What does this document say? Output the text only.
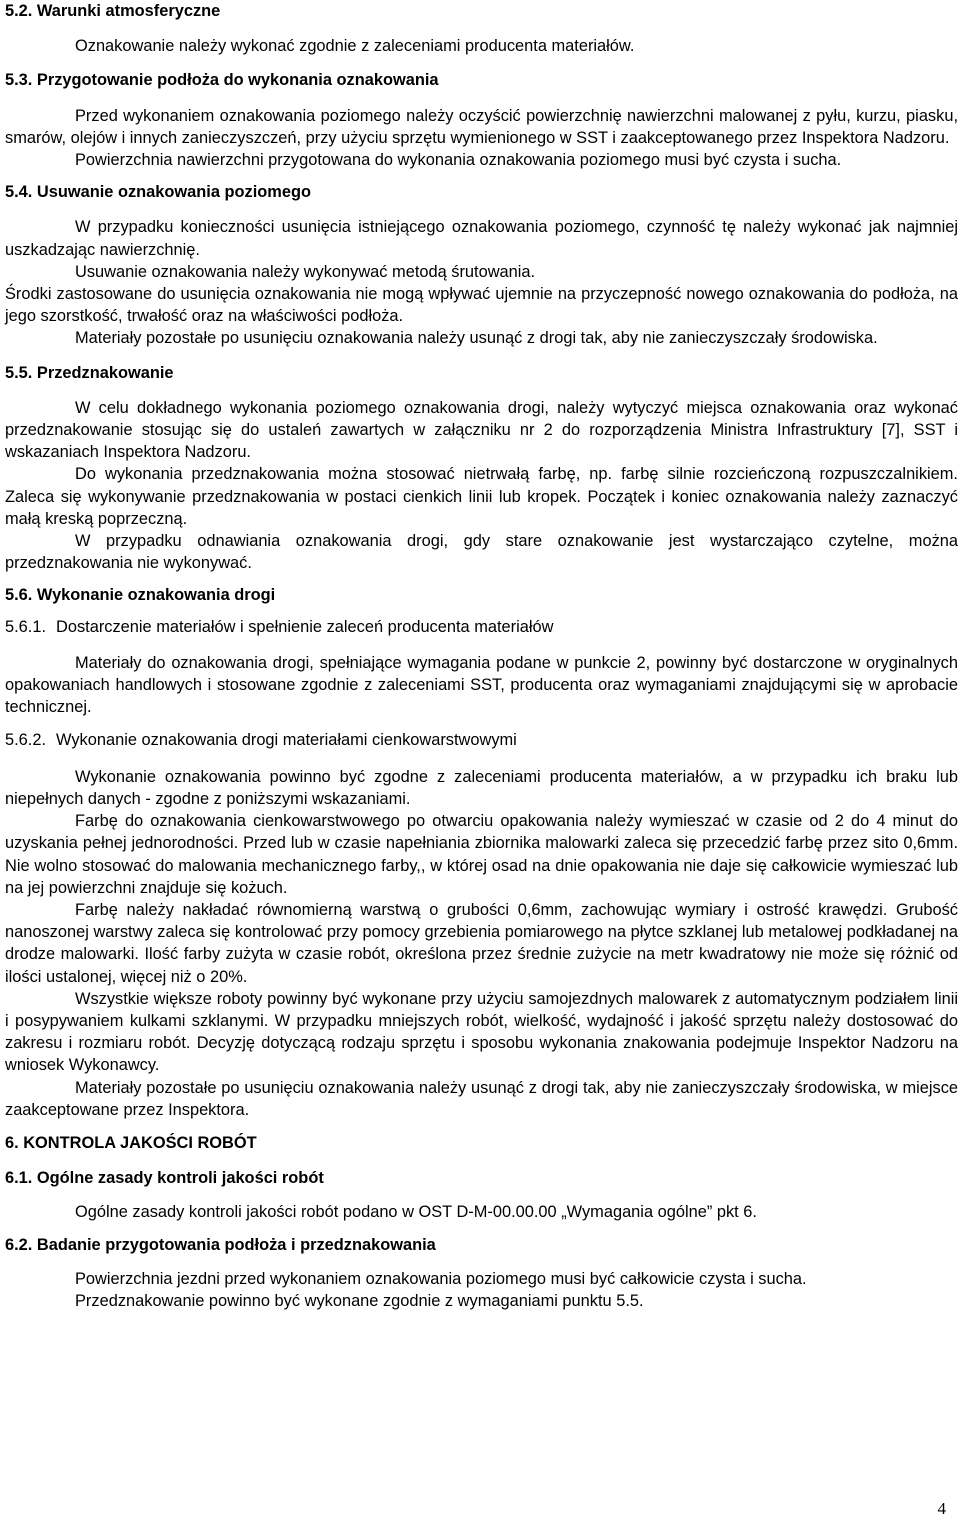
5.2. Warunki atmosferyczne

Oznakowanie należy wykonać zgodnie z zaleceniami producenta materiałów.

5.3. Przygotowanie podłoża do wykonania oznakowania

Przed wykonaniem oznakowania poziomego należy oczyścić powierzchnię nawierzchni malowanej z pyłu, kurzu, piasku, smarów, olejów i innych zanieczyszczeń, przy użyciu sprzętu wymienionego w SST i zaakceptowanego przez Inspektora Nadzoru.

Powierzchnia nawierzchni przygotowana do wykonania oznakowania poziomego musi być czysta i sucha.

5.4. Usuwanie oznakowania poziomego

W przypadku konieczności usunięcia istniejącego oznakowania poziomego, czynność tę należy wykonać jak najmniej uszkadzając nawierzchnię.

Usuwanie oznakowania należy wykonywać metodą śrutowania.

Środki zastosowane do usunięcia oznakowania nie mogą wpływać ujemnie na przyczepność nowego oznakowania do podłoża, na jego szorstkość, trwałość oraz na właściwości podłoża.

Materiały pozostałe po usunięciu oznakowania należy usunąć z drogi tak, aby nie zanieczyszczały środowiska.

5.5. Przedznakowanie

W celu dokładnego wykonania poziomego oznakowania drogi, należy wytyczyć miejsca oznakowania oraz wykonać przedznakowanie stosując się do ustaleń zawartych w załączniku nr 2 do rozporządzenia Ministra Infrastruktury [7], SST i wskazaniach Inspektora Nadzoru.

Do wykonania przedznakowania można stosować nietrwałą farbę, np. farbę silnie rozcieńczoną rozpuszczalnikiem. Zaleca się wykonywanie przedznakowania w postaci cienkich linii lub kropek. Początek i koniec oznakowania należy zaznaczyć małą kreską poprzeczną.

W przypadku odnawiania oznakowania drogi, gdy stare oznakowanie jest wystarczająco czytelne, można przedznakowania nie wykonywać.

5.6. Wykonanie oznakowania drogi

5.6.1. Dostarczenie materiałów i spełnienie zaleceń producenta materiałów

Materiały do oznakowania drogi, spełniające wymagania podane w punkcie 2, powinny być dostarczone w oryginalnych opakowaniach handlowych i stosowane zgodnie z zaleceniami SST, producenta oraz wymaganiami znajdującymi się w aprobacie technicznej.

5.6.2. Wykonanie oznakowania drogi materiałami cienkowarstwowymi

Wykonanie oznakowania powinno być zgodne z zaleceniami producenta materiałów, a w przypadku ich braku lub niepełnych danych - zgodne z poniższymi wskazaniami.

Farbę do oznakowania cienkowarstwowego po otwarciu opakowania należy wymieszać w czasie od 2 do 4 minut do uzyskania pełnej jednorodności. Przed lub w czasie napełniania zbiornika malowarki zaleca się przecedzić farbę przez sito 0,6mm. Nie wolno stosować do malowania mechanicznego farby,, w której osad na dnie opakowania nie daje się całkowicie wymieszać lub na jej powierzchni znajduje się kożuch.

Farbę należy nakładać równomierną warstwą o grubości 0,6mm, zachowując wymiary i ostrość krawędzi. Grubość nanoszonej warstwy zaleca się kontrolować przy pomocy grzebienia pomiarowego na płytce szklanej lub metalowej podkładanej na drodze malowarki. Ilość farby zużyta w czasie robót, określona przez średnie zużycie na metr kwadratowy nie może się różnić od ilości ustalonej, więcej niż o 20%.

Wszystkie większe roboty powinny być wykonane przy użyciu samojezdnych malowarek z automatycznym podziałem linii i posypywaniem kulkami szklanymi. W przypadku mniejszych robót, wielkość, wydajność i jakość sprzętu należy dostosować do zakresu i rozmiaru robót. Decyzję dotyczącą rodzaju sprzętu i sposobu wykonania znakowania podejmuje Inspektor Nadzoru na wniosek Wykonawcy.

Materiały pozostałe po usunięciu oznakowania należy usunąć z drogi tak, aby nie zanieczyszczały środowiska, w miejsce zaakceptowane przez Inspektora.

6. KONTROLA JAKOŚCI ROBÓT

6.1. Ogólne zasady kontroli jakości robót

Ogólne zasady kontroli jakości robót podano w OST D-M-00.00.00 „Wymagania ogólne” pkt 6.

6.2. Badanie przygotowania podłoża i przedznakowania

Powierzchnia jezdni przed wykonaniem oznakowania poziomego musi być całkowicie czysta i sucha.

Przedznakowanie powinno być wykonane zgodnie z wymaganiami punktu 5.5.

4
